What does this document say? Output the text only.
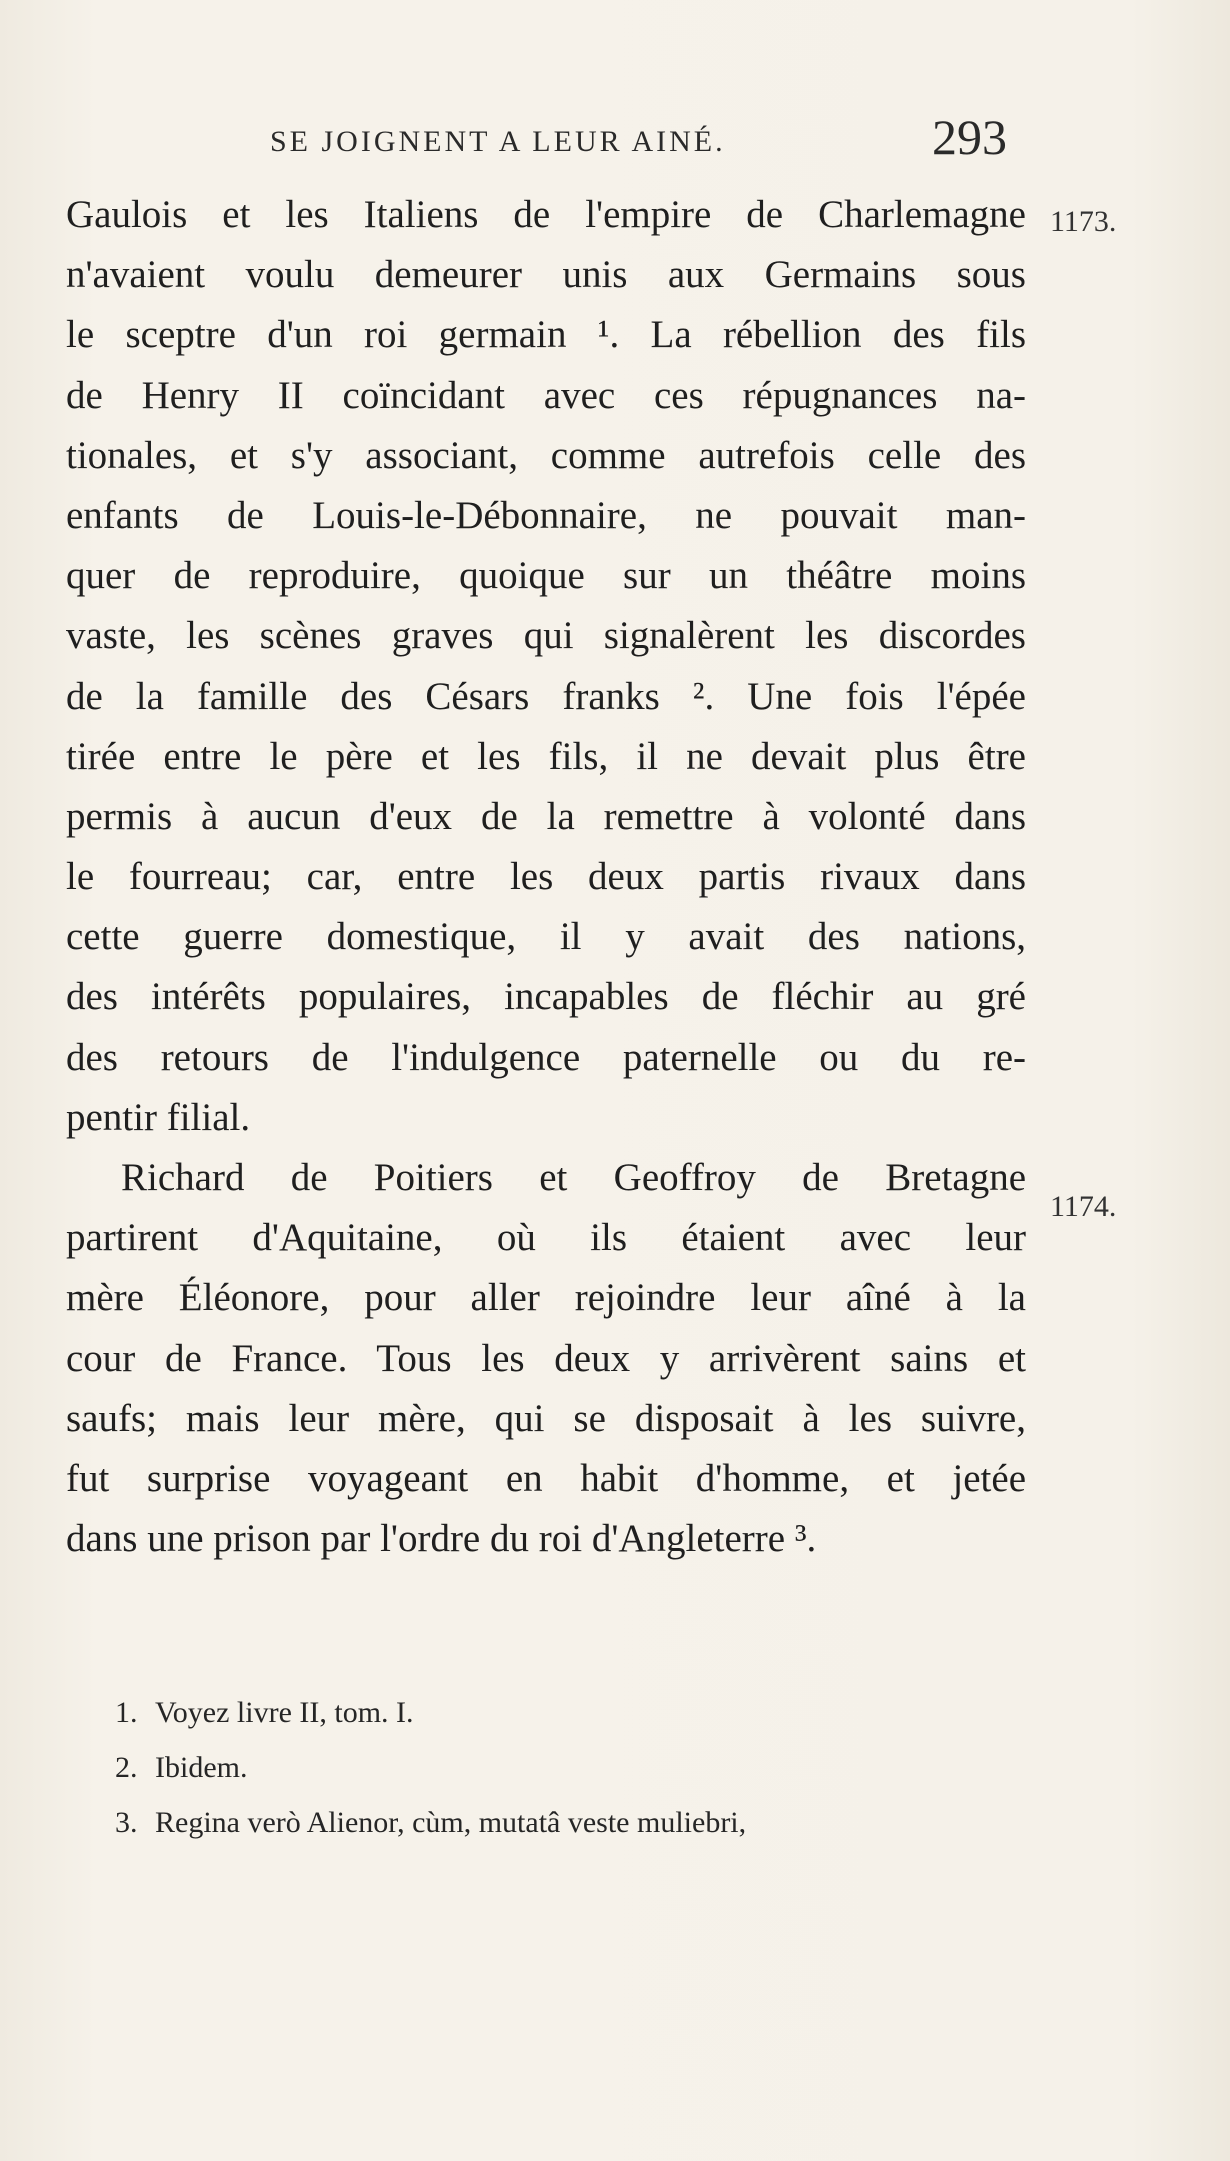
SE JOIGNENT A LEUR AINÉ.	293
1173.
1174.
Gaulois et les Italiens de l'empire de Charlemagne
n'avaient voulu demeurer unis aux Germains sous
le sceptre d'un roi germain ¹. La rébellion des fils
de Henry II coïncidant avec ces répugnances na-
tionales, et s'y associant, comme autrefois celle des
enfants de Louis-le-Débonnaire, ne pouvait man-
quer de reproduire, quoique sur un théâtre moins
vaste, les scènes graves qui signalèrent les discordes
de la famille des Césars franks ². Une fois l'épée
tirée entre le père et les fils, il ne devait plus être
permis à aucun d'eux de la remettre à volonté dans
le fourreau; car, entre les deux partis rivaux dans
cette guerre domestique, il y avait des nations,
des intérêts populaires, incapables de fléchir au gré
des retours de l'indulgence paternelle ou du re-
pentir filial.
Richard de Poitiers et Geoffroy de Bretagne
partirent d'Aquitaine, où ils étaient avec leur
mère Éléonore, pour aller rejoindre leur aîné à la
cour de France. Tous les deux y arrivèrent sains et
saufs; mais leur mère, qui se disposait à les suivre,
fut surprise voyageant en habit d'homme, et jetée
dans une prison par l'ordre du roi d'Angleterre ³.
1. Voyez livre II, tom. I.
2. Ibidem.
3. Regina verò Alienor, cùm, mutatâ veste muliebri,
